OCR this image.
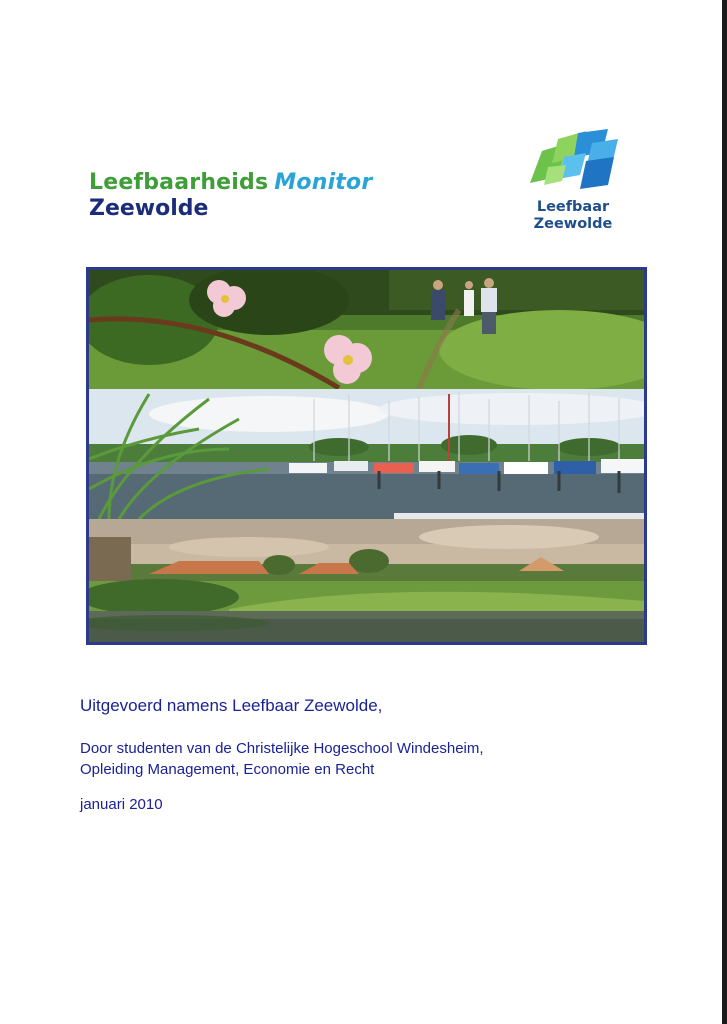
Leefbaarheids Monitor
Zeewolde	Leefbaar
Zeewolde
Uitgevoerd namens Leefbaar Zeewolde,
Door studenten van de Christelijke Hogeschool Windesheim,
Opleiding Management, Economie en Recht
januari 2010
